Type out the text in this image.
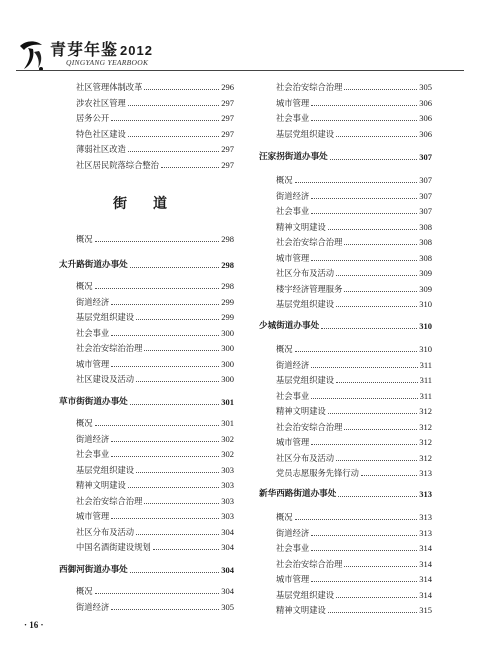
青芽年鉴 2012
QINGYANG YEARBOOK
社区管理体制改革	296
涉农社区管理	297
居务公开	297
特色社区建设	297
薄弱社区改造	297
社区居民院落综合整治	297
概况	298
太升路街道办事处	298
概况	298
街道经济	299
基层党组织建设	299
社会事业	300
社会治安综治治理	300
城市管理	300
社区建设及活动	300
草市街街道办事处	301
概况	301
街道经济	302
社会事业	302
基层党组织建设	303
精神文明建设	303
社会治安综合治理	303
城市管理	303
社区分布及活动	304
中国名酒街建设规划	304
西御河街道办事处	304
概况	304
街道经济	305
街道
社会治安综合治理	305
城市管理	306
社会事业	306
基层党组织建设	306
汪家拐街道办事处	307
概况	307
街道经济	307
社会事业	307
精神文明建设	308
社会治安综合治理	308
城市管理	308
社区分布及活动	309
楼宇经济管理服务	309
基层党组织建设	310
少城街道办事处	310
概况	310
街道经济	311
基层党组织建设	311
社会事业	311
精神文明建设	312
社会治安综合治理	312
城市管理	312
社区分布及活动	312
党员志愿服务先锋行动	313
新华西路街道办事处	313
概况	313
街道经济	313
社会事业	314
社会治安综合治理	314
城市管理	314
基层党组织建设	314
精神文明建设	315
· 16 ·
